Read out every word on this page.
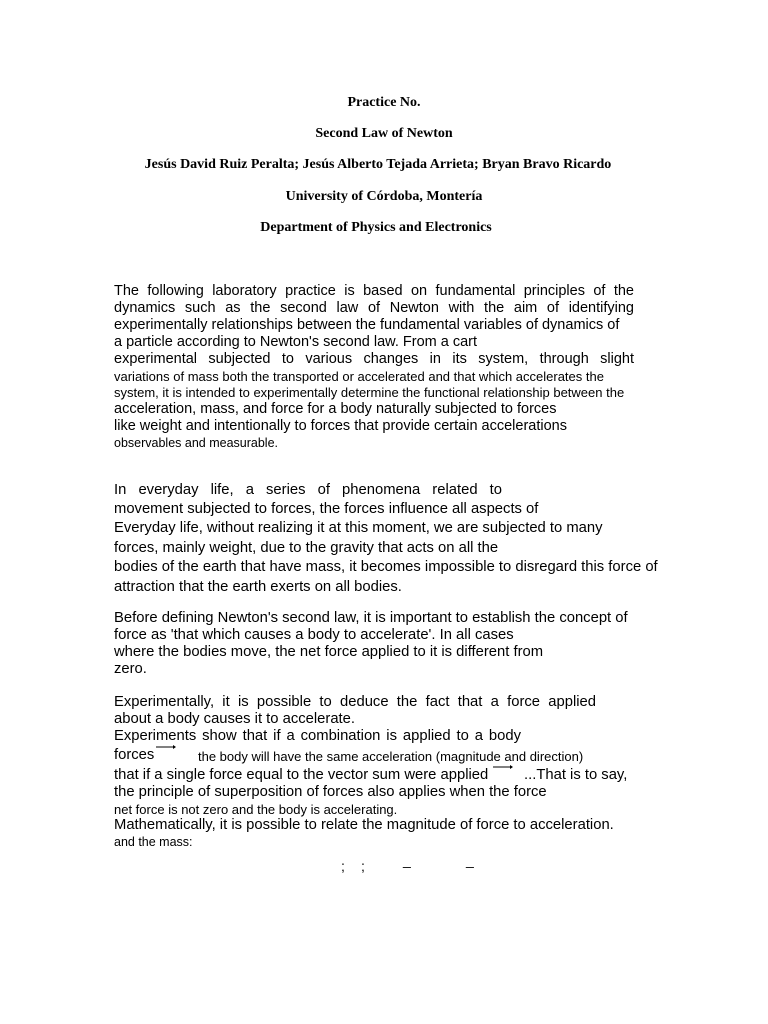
Practice No.
Second Law of Newton
Jesús David Ruiz Peralta; Jesús Alberto Tejada Arrieta; Bryan Bravo Ricardo
University of Córdoba, Montería
Department of Physics and Electronics
The following laboratory practice is based on fundamental principles of the
dynamics such as the second law of Newton with the aim of identifying
experimentally relationships between the fundamental variables of dynamics of
a particle according to Newton's second law. From a cart
experimental subjected to various changes in its system, through slight
variations of mass both the transported or accelerated and that which accelerates the
system, it is intended to experimentally determine the functional relationship between the
acceleration, mass, and force for a body naturally subjected to forces
like weight and intentionally to forces that provide certain accelerations
observables and measurable.
In everyday life, a series of phenomena related to
movement subjected to forces, the forces influence all aspects of
Everyday life, without realizing it at this moment, we are subjected to many
forces, mainly weight, due to the gravity that acts on all the
bodies of the earth that have mass, it becomes impossible to disregard this force of
attraction that the earth exerts on all bodies.
Before defining Newton's second law, it is important to establish the concept of
force as 'that which causes a body to accelerate'. In all cases
where the bodies move, the net force applied to it is different from
zero.
Experimentally, it is possible to deduce the fact that a force applied
about a body causes it to accelerate.
Experiments show that if a combination is applied to a body
forces	the body will have the same acceleration (magnitude and direction)
that if a single force equal to the vector sum were applied ...That is to say,
the principle of superposition of forces also applies when the force
net force is not zero and the body is accelerating.
Mathematically, it is possible to relate the magnitude of force to acceleration.
and the mass:
; ;	_	_
